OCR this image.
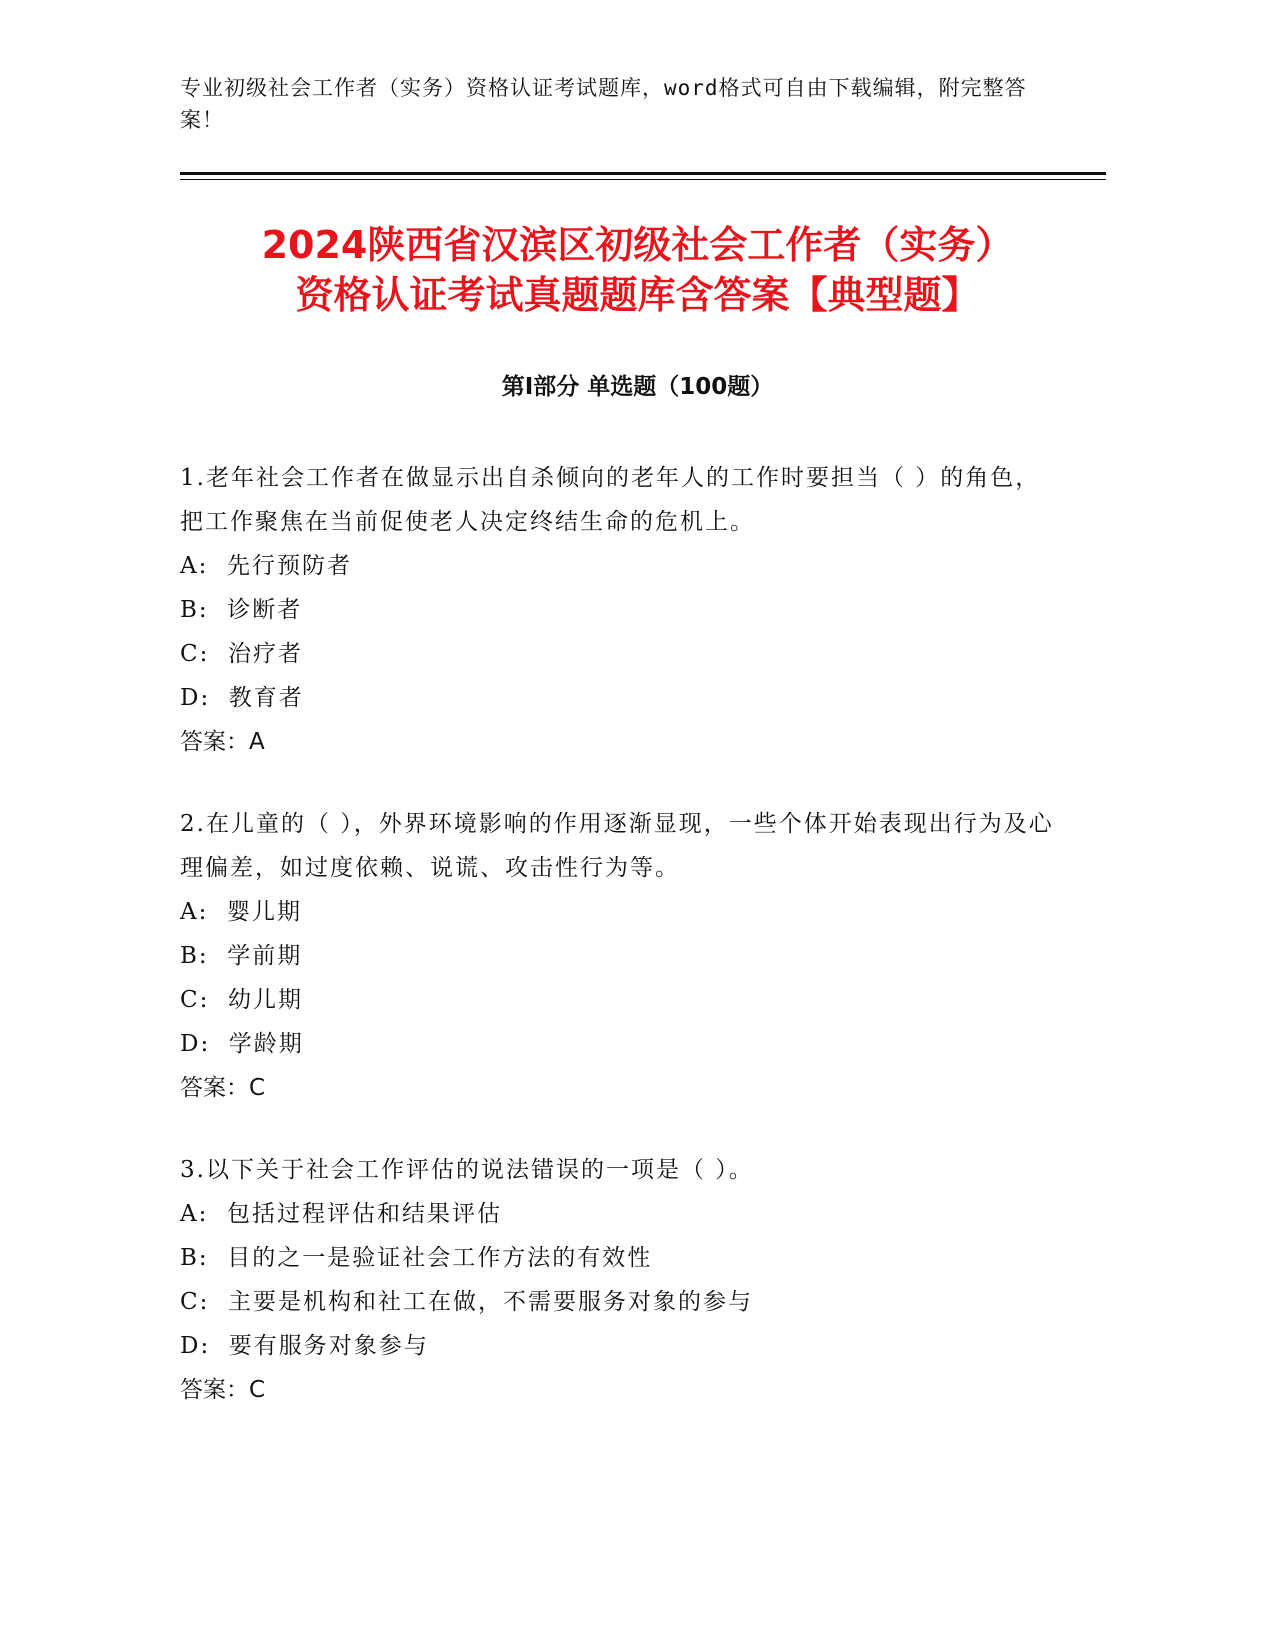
专业初级社会工作者（实务）资格认证考试题库，word格式可自由下载编辑，附完整答案！
2024陕西省汉滨区初级社会工作者（实务）
资格认证考试真题题库含答案【典型题】
第Ⅰ部分 单选题（100题）
1.老年社会工作者在做显示出自杀倾向的老年人的工作时要担当（ ）的角色，把工作聚焦在当前促使老人决定终结生命的危机上。
A:  先行预防者
B:  诊断者
C:  治疗者
D:  教育者
答案：A
2.在儿童的（ ），外界环境影响的作用逐渐显现，一些个体开始表现出行为及心理偏差，如过度依赖、说谎、攻击性行为等。
A:  婴儿期
B:  学前期
C:  幼儿期
D:  学龄期
答案：C
3.以下关于社会工作评估的说法错误的一项是（ ）。
A:  包括过程评估和结果评估
B:  目的之一是验证社会工作方法的有效性
C:  主要是机构和社工在做，不需要服务对象的参与
D:  要有服务对象参与
答案：C
